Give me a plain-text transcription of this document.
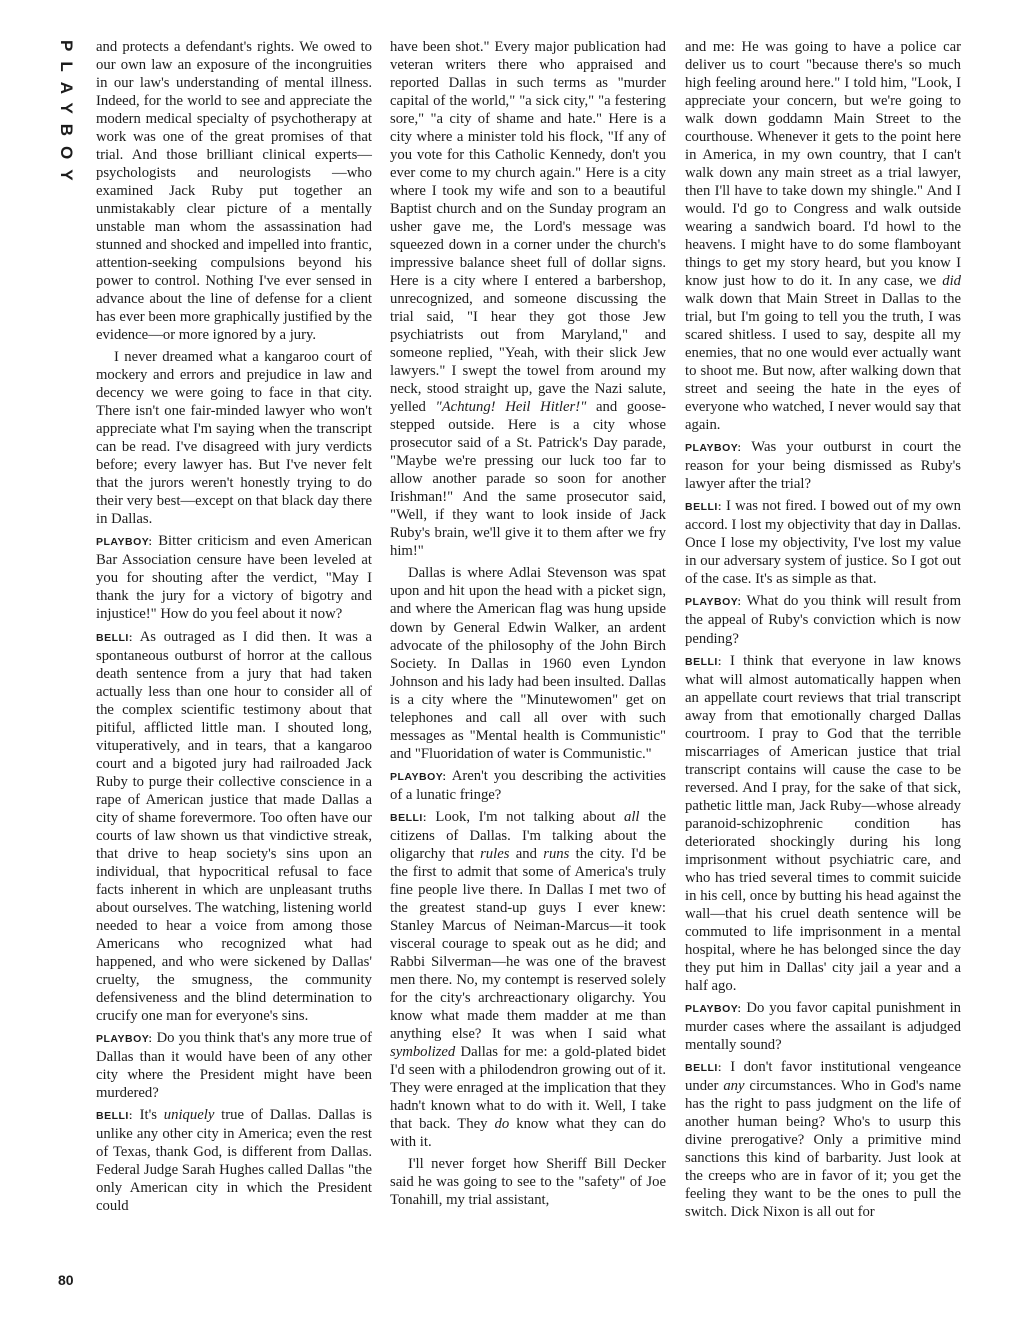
PLAYBOY
80

and protects a defendant's rights. We owed to our own law an exposure of the incongruities in our law's understanding of mental illness. Indeed, for the world to see and appreciate the modern medical specialty of psychotherapy at work was one of the great promises of that trial. And those brilliant clinical experts—psychologists and neurologists —who examined Jack Ruby put together an unmistakably clear picture of a mentally unstable man whom the assassination had stunned and shocked and impelled into frantic, attention-seeking compulsions beyond his power to control. Nothing I've ever sensed in advance about the line of defense for a client has ever been more graphically justified by the evidence—or more ignored by a jury.

I never dreamed what a kangaroo court of mockery and errors and prejudice in law and decency we were going to face in that city. There isn't one fair-minded lawyer who won't appreciate what I'm saying when the transcript can be read. I've disagreed with jury verdicts before; every lawyer has. But I've never felt that the jurors weren't honestly trying to do their very best—except on that black day there in Dallas.

PLAYBOY: Bitter criticism and even American Bar Association censure have been leveled at you for shouting after the verdict, "May I thank the jury for a victory of bigotry and injustice!" How do you feel about it now?

BELLI: As outraged as I did then. It was a spontaneous outburst of horror at the callous death sentence from a jury that had taken actually less than one hour to consider all of the complex scientific testimony about that pitiful, afflicted little man. I shouted long, vituperatively, and in tears, that a kangaroo court and a bigoted jury had railroaded Jack Ruby to purge their collective conscience in a rape of American justice that made Dallas a city of shame forevermore. Too often have our courts of law shown us that vindictive streak, that drive to heap society's sins upon an individual, that hypocritical refusal to face facts inherent in which are unpleasant truths about ourselves. The watching, listening world needed to hear a voice from among those Americans who recognized what had happened, and who were sickened by Dallas' cruelty, the smugness, the community defensiveness and the blind determination to crucify one man for everyone's sins.

PLAYBOY: Do you think that's any more true of Dallas than it would have been of any other city where the President might have been murdered?

BELLI: It's uniquely true of Dallas. Dallas is unlike any other city in America; even the rest of Texas, thank God, is different from Dallas. Federal Judge Sarah Hughes called Dallas "the only American city in which the President could

have been shot." Every major publication had veteran writers there who appraised and reported Dallas in such terms as "murder capital of the world," "a sick city," "a festering sore," "a city of shame and hate." Here is a city where a minister told his flock, "If any of you vote for this Catholic Kennedy, don't you ever come to my church again." Here is a city where I took my wife and son to a beautiful Baptist church and on the Sunday program an usher gave me, the Lord's message was squeezed down in a corner under the church's impressive balance sheet full of dollar signs. Here is a city where I entered a barbershop, unrecognized, and someone discussing the trial said, "I hear they got those Jew psychiatrists out from Maryland," and someone replied, "Yeah, with their slick Jew lawyers." I swept the towel from around my neck, stood straight up, gave the Nazi salute, yelled "Achtung! Heil Hitler!" and goose-stepped outside. Here is a city whose prosecutor said of a St. Patrick's Day parade, "Maybe we're pressing our luck too far to allow another parade so soon for another Irishman!" And the same prosecutor said, "Well, if they want to look inside of Jack Ruby's brain, we'll give it to them after we fry him!"

Dallas is where Adlai Stevenson was spat upon and hit upon the head with a picket sign, and where the American flag was hung upside down by General Edwin Walker, an ardent advocate of the philosophy of the John Birch Society. In Dallas in 1960 even Lyndon Johnson and his lady had been insulted. Dallas is a city where the "Minutewomen" get on telephones and call all over with such messages as "Mental health is Communistic" and "Fluoridation of water is Communistic."

PLAYBOY: Aren't you describing the activities of a lunatic fringe?

BELLI: Look, I'm not talking about all the citizens of Dallas. I'm talking about the oligarchy that rules and runs the city. I'd be the first to admit that some of America's truly fine people live there. In Dallas I met two of the greatest stand-up guys I ever knew: Stanley Marcus of Neiman-Marcus—it took visceral courage to speak out as he did; and Rabbi Silverman—he was one of the bravest men there. No, my contempt is reserved solely for the city's archreactionary oligarchy. You know what made them madder at me than anything else? It was when I said what symbolized Dallas for me: a gold-plated bidet I'd seen with a philodendron growing out of it. They were enraged at the implication that they hadn't known what to do with it. Well, I take that back. They do know what they can do with it.

I'll never forget how Sheriff Bill Decker said he was going to see to the "safety" of Joe Tonahill, my trial assistant,

and me: He was going to have a police car deliver us to court "because there's so much high feeling around here." I told him, "Look, I appreciate your concern, but we're going to walk down goddamn Main Street to the courthouse. Whenever it gets to the point here in America, in my own country, that I can't walk down any main street as a trial lawyer, then I'll have to take down my shingle." And I would. I'd go to Congress and walk outside wearing a sandwich board. I'd howl to the heavens. I might have to do some flamboyant things to get my story heard, but you know I know just how to do it. In any case, we did walk down that Main Street in Dallas to the trial, but I'm going to tell you the truth, I was scared shitless. I used to say, despite all my enemies, that no one would ever actually want to shoot me. But now, after walking down that street and seeing the hate in the eyes of everyone who watched, I never would say that again.

PLAYBOY: Was your outburst in court the reason for your being dismissed as Ruby's lawyer after the trial?

BELLI: I was not fired. I bowed out of my own accord. I lost my objectivity that day in Dallas. Once I lose my objectivity, I've lost my value in our adversary system of justice. So I got out of the case. It's as simple as that.

PLAYBOY: What do you think will result from the appeal of Ruby's conviction which is now pending?

BELLI: I think that everyone in law knows what will almost automatically happen when an appellate court reviews that trial transcript away from that emotionally charged Dallas courtroom. I pray to God that the terrible miscarriages of American justice that trial transcript contains will cause the case to be reversed. And I pray, for the sake of that sick, pathetic little man, Jack Ruby—whose already paranoid-schizophrenic condition has deteriorated shockingly during his long imprisonment without psychiatric care, and who has tried several times to commit suicide in his cell, once by butting his head against the wall—that his cruel death sentence will be commuted to life imprisonment in a mental hospital, where he has belonged since the day they put him in Dallas' city jail a year and a half ago.

PLAYBOY: Do you favor capital punishment in murder cases where the assailant is adjudged mentally sound?

BELLI: I don't favor institutional vengeance under any circumstances. Who in God's name has the right to pass judgment on the life of another human being? Who's to usurp this divine prerogative? Only a primitive mind sanctions this kind of barbarity. Just look at the creeps who are in favor of it; you get the feeling they want to be the ones to pull the switch. Dick Nixon is all out for
